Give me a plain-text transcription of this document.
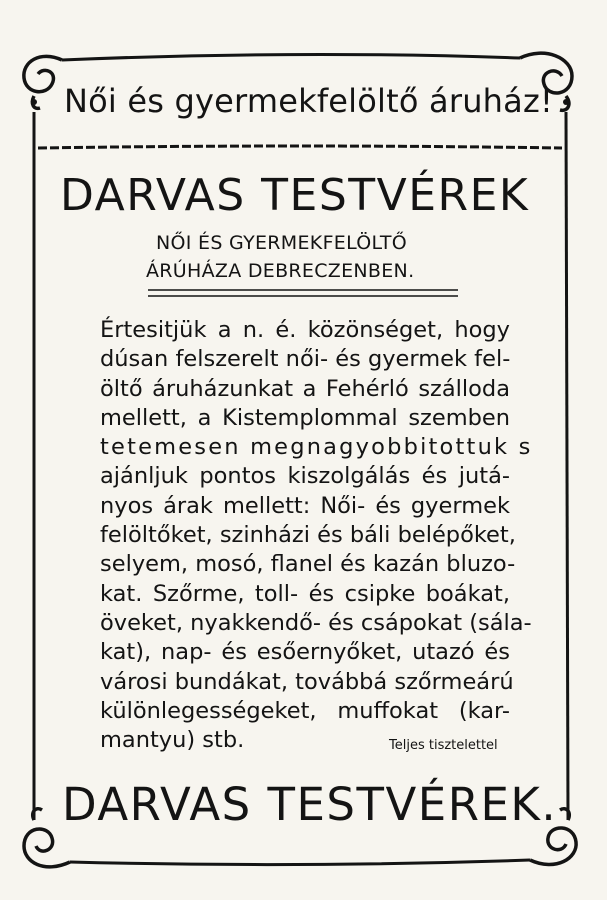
Női és gyermekfelöltő áruház!
DARVAS TESTVÉREK
NŐI ÉS GYERMEKFELÖLTŐ
ÁRÚHÁZA DEBRECZENBEN.
Értesitjük a n. é. közönséget, hogy
dúsan felszerelt női- és gyermek fel-
öltő áruházunkat a Fehérló szálloda
mellett, a Kistemplommal szemben
tetemesen megnagyobbitottuk s
ajánljuk pontos kiszolgálás és jutá-
nyos árak mellett: Női- és gyermek
felöltőket, szinházi és báli belépőket,
selyem, mosó, flanel és kazán bluzo-
kat. Szőrme, toll- és csipke boákat,
öveket, nyakkendő- és csápokat (sála-
kat), nap- és esőernyőket, utazó és
városi bundákat, továbbá szőrmeárú
különlegességeket, muffokat (kar-
mantyu) stb.	Teljes tisztelettel
DARVAS TESTVÉREK.
